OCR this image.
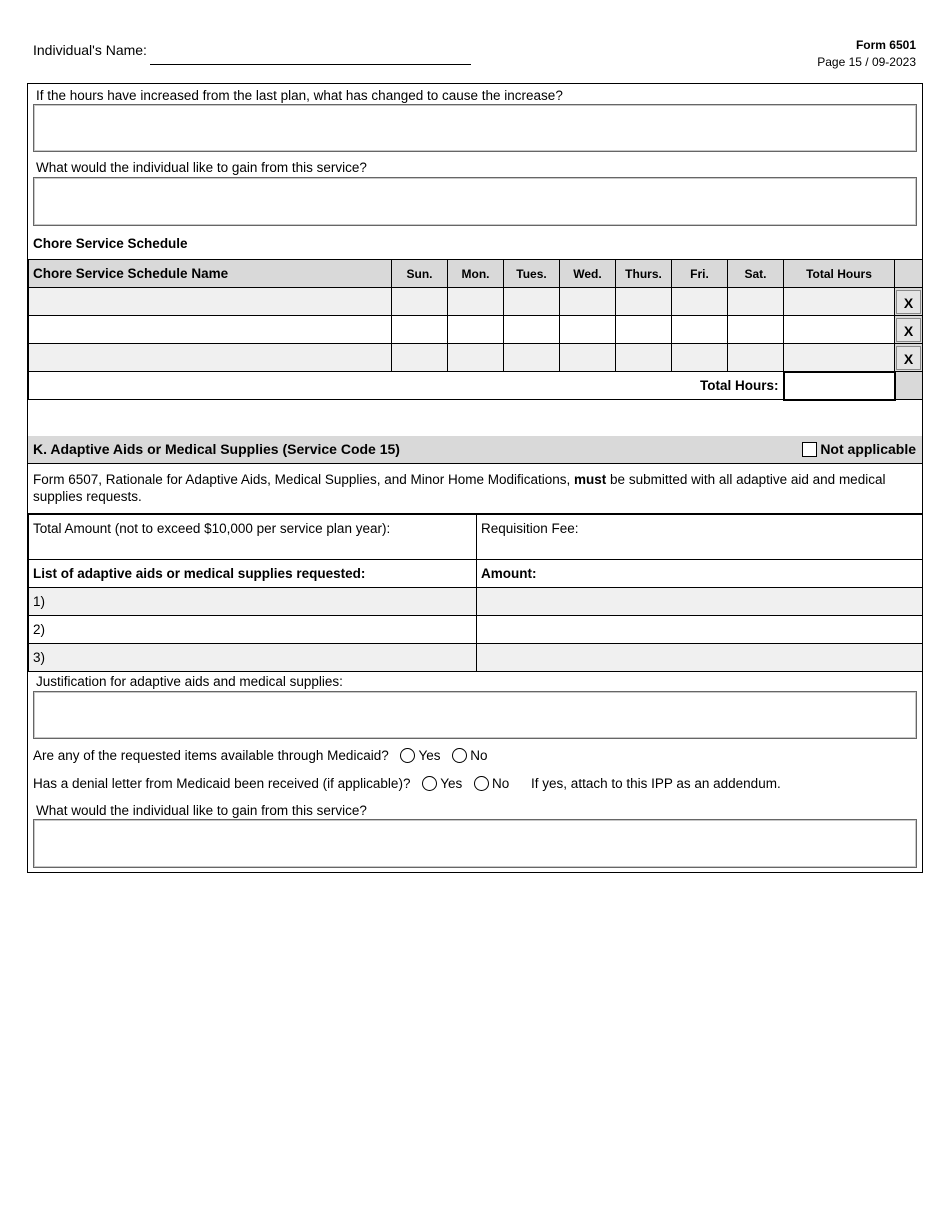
Individual's Name:	Form 6501
Page 15 / 09-2023
If the hours have increased from the last plan, what has changed to cause the increase?
What would the individual like to gain from this service?
Chore Service Schedule
Chore Service Schedule Name	Sun.	Mon.	Tues.	Wed.	Thurs.	Fri.	Sat.	Total Hours	
									X
									X
									X
Total Hours:									
K. Adaptive Aids or Medical Supplies (Service Code 15)	Not applicable
Form 6507, Rationale for Adaptive Aids, Medical Supplies, and Minor Home Modifications, must be submitted with all adaptive aid and medical supplies requests.
Total Amount (not to exceed $10,000 per service plan year):	Requisition Fee:
List of adaptive aids or medical supplies requested:	Amount:
1)	
2)	
3)	
Justification for adaptive aids and medical supplies:
Are any of the requested items available through Medicaid? Yes No
Has a denial letter from Medicaid been received (if applicable)? Yes No If yes, attach to this IPP as an addendum.
What would the individual like to gain from this service?
